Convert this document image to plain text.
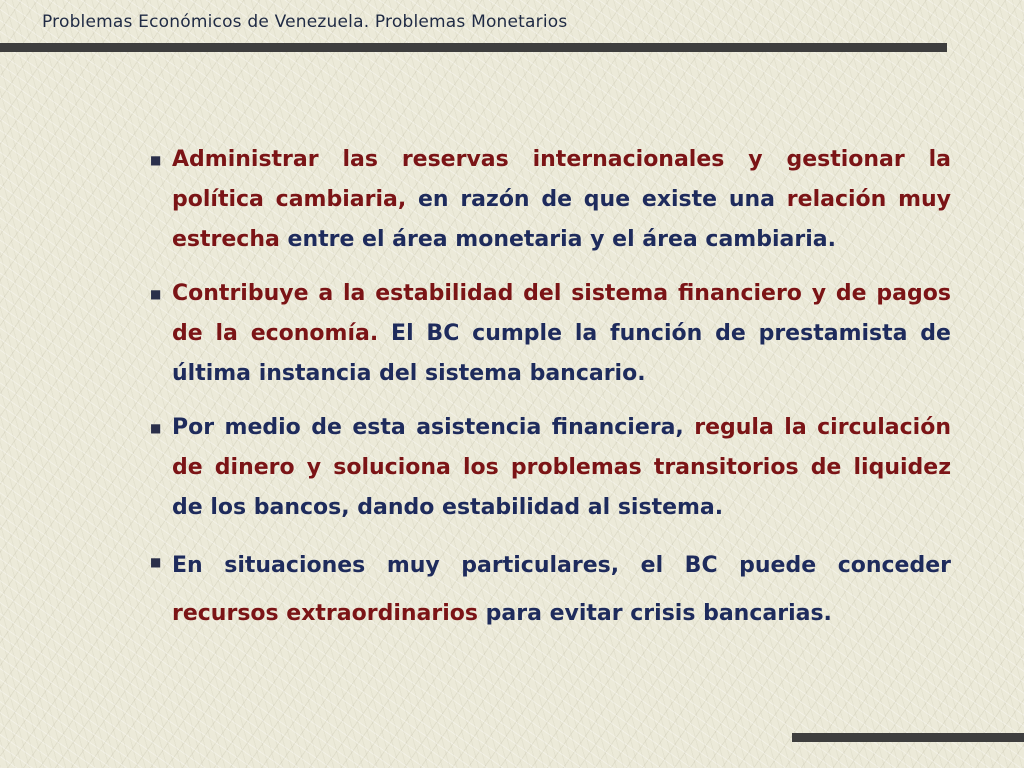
Problemas Económicos de Venezuela. Problemas Monetarios
■ Administrar las reservas internacionales y gestionar la política cambiaria, en razón de que existe una relación muy estrecha entre el área monetaria y el área cambiaria.
■ Contribuye a la estabilidad del sistema financiero y de pagos de la economía. El BC cumple la función de prestamista de última instancia del sistema bancario.
■ Por medio de esta asistencia financiera, regula la circulación de dinero y soluciona los problemas transitorios de liquidez de los bancos, dando estabilidad al sistema.
■ En situaciones muy particulares, el BC puede conceder recursos extraordinarios para evitar crisis bancarias.
